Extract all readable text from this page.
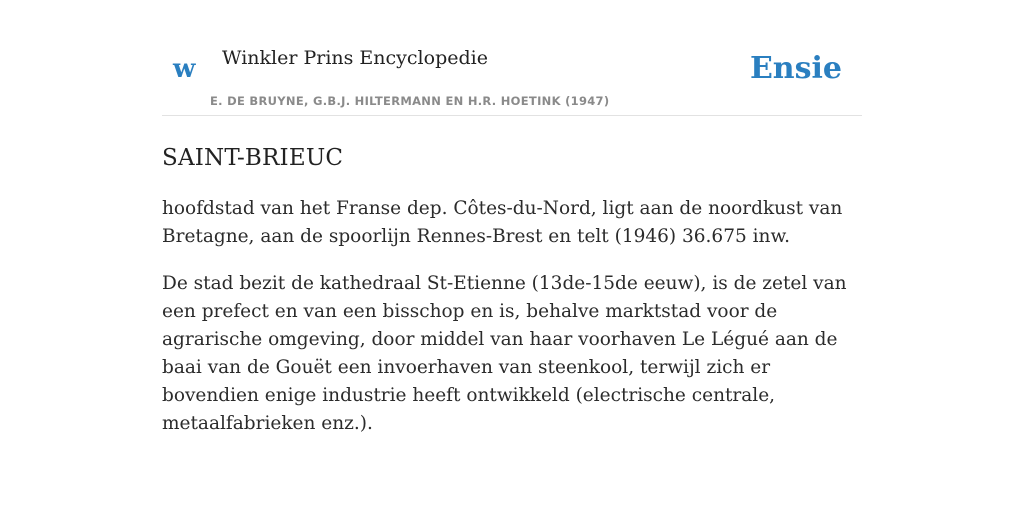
w Winkler Prins Encyclopedie
E. DE BRUYNE, G.B.J. HILTERMANN EN H.R. HOETINK (1947)
Ensie
SAINT-BRIEUC

hoofdstad van het Franse dep. Côtes-du-Nord, ligt aan de noordkust van Bretagne, aan de spoorlijn Rennes-Brest en telt (1946) 36.675 inw.

De stad bezit de kathedraal St-Etienne (13de-15de eeuw), is de zetel van een prefect en van een bisschop en is, behalve marktstad voor de agrarische omgeving, door middel van haar voorhaven Le Légué aan de baai van de Gouët een invoerhaven van steenkool, terwijl zich er bovendien enige industrie heeft ontwikkeld (electrische centrale, metaalfabrieken enz.).
